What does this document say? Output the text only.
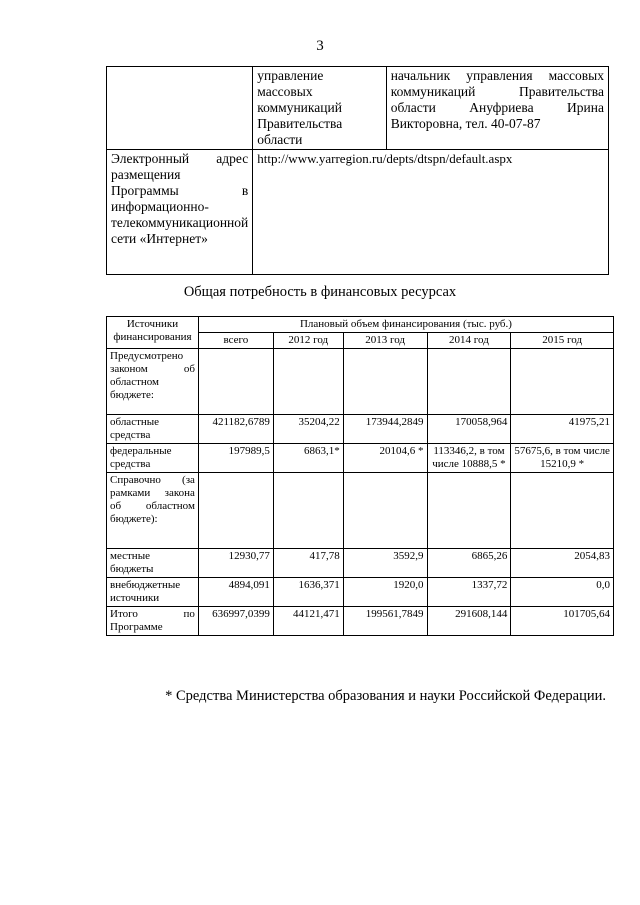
3
	управление массовых коммуникаций Правительства области	начальник управления массовых коммуникаций Правительства области Ануфриева Ирина Викторовна, тел. 40-07-87
Электронный адрес размещения Программы в информационно-телекоммуникационной сети «Интернет»	http://www.yarregion.ru/depts/dtspn/default.aspx	
Общая потребность в финансовых ресурсах
Источники финансирования	Плановый объем финансирования (тыс. руб.)				
	всего	2012 год	2013 год	2014 год	2015 год
Предусмотрено законом об областном бюджете:					
областные средства	421182,6789	35204,22	173944,2849	170058,964	41975,21
федеральные средства	197989,5	6863,1*	20104,6 *	113346,2, в том числе 10888,5 *	57675,6, в том числе 15210,9 *
Справочно (за рамками закона об областном бюджете):					
местные бюджеты	12930,77	417,78	3592,9	6865,26	2054,83
внебюджетные источники	4894,091	1636,371	1920,0	1337,72	0,0
Итого по Программе	636997,0399	44121,471	199561,7849	291608,144	101705,64
* Средства Министерства образования и науки Российской Федерации.
